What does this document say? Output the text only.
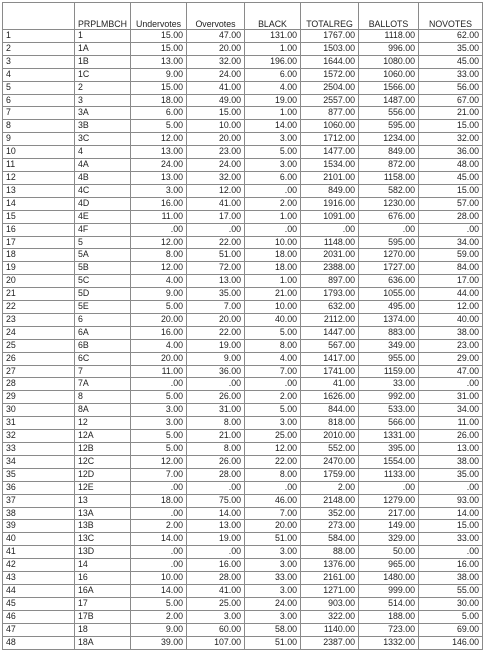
	PRPLMBCH	Undervotes	Overvotes	BLACK	TOTALREG	BALLOTS	NOVOTES
1	1	15.00	47.00	131.00	1767.00	1118.00	62.00
2	1A	15.00	20.00	1.00	1503.00	996.00	35.00
3	1B	13.00	32.00	196.00	1644.00	1080.00	45.00
4	1C	9.00	24.00	6.00	1572.00	1060.00	33.00
5	2	15.00	41.00	4.00	2504.00	1566.00	56.00
6	3	18.00	49.00	19.00	2557.00	1487.00	67.00
7	3A	6.00	15.00	1.00	877.00	556.00	21.00
8	3B	5.00	10.00	14.00	1060.00	595.00	15.00
9	3C	12.00	20.00	3.00	1712.00	1234.00	32.00
10	4	13.00	23.00	5.00	1477.00	849.00	36.00
11	4A	24.00	24.00	3.00	1534.00	872.00	48.00
12	4B	13.00	32.00	6.00	2101.00	1158.00	45.00
13	4C	3.00	12.00	.00	849.00	582.00	15.00
14	4D	16.00	41.00	2.00	1916.00	1230.00	57.00
15	4E	11.00	17.00	1.00	1091.00	676.00	28.00
16	4F	.00	.00	.00	.00	.00	.00
17	5	12.00	22.00	10.00	1148.00	595.00	34.00
18	5A	8.00	51.00	18.00	2031.00	1270.00	59.00
19	5B	12.00	72.00	18.00	2388.00	1727.00	84.00
20	5C	4.00	13.00	1.00	897.00	636.00	17.00
21	5D	9.00	35.00	21.00	1793.00	1055.00	44.00
22	5E	5.00	7.00	10.00	632.00	495.00	12.00
23	6	20.00	20.00	40.00	2112.00	1374.00	40.00
24	6A	16.00	22.00	5.00	1447.00	883.00	38.00
25	6B	4.00	19.00	8.00	567.00	349.00	23.00
26	6C	20.00	9.00	4.00	1417.00	955.00	29.00
27	7	11.00	36.00	7.00	1741.00	1159.00	47.00
28	7A	.00	.00	.00	41.00	33.00	.00
29	8	5.00	26.00	2.00	1626.00	992.00	31.00
30	8A	3.00	31.00	5.00	844.00	533.00	34.00
31	12	3.00	8.00	3.00	818.00	566.00	11.00
32	12A	5.00	21.00	25.00	2010.00	1331.00	26.00
33	12B	5.00	8.00	12.00	552.00	395.00	13.00
34	12C	12.00	26.00	22.00	2470.00	1554.00	38.00
35	12D	7.00	28.00	8.00	1759.00	1133.00	35.00
36	12E	.00	.00	.00	2.00	.00	.00
37	13	18.00	75.00	46.00	2148.00	1279.00	93.00
38	13A	.00	14.00	7.00	352.00	217.00	14.00
39	13B	2.00	13.00	20.00	273.00	149.00	15.00
40	13C	14.00	19.00	51.00	584.00	329.00	33.00
41	13D	.00	.00	3.00	88.00	50.00	.00
42	14	.00	16.00	3.00	1376.00	965.00	16.00
43	16	10.00	28.00	33.00	2161.00	1480.00	38.00
44	16A	14.00	41.00	3.00	1271.00	999.00	55.00
45	17	5.00	25.00	24.00	903.00	514.00	30.00
46	17B	2.00	3.00	3.00	322.00	188.00	5.00
47	18	9.00	60.00	58.00	1140.00	723.00	69.00
48	18A	39.00	107.00	51.00	2387.00	1332.00	146.00
